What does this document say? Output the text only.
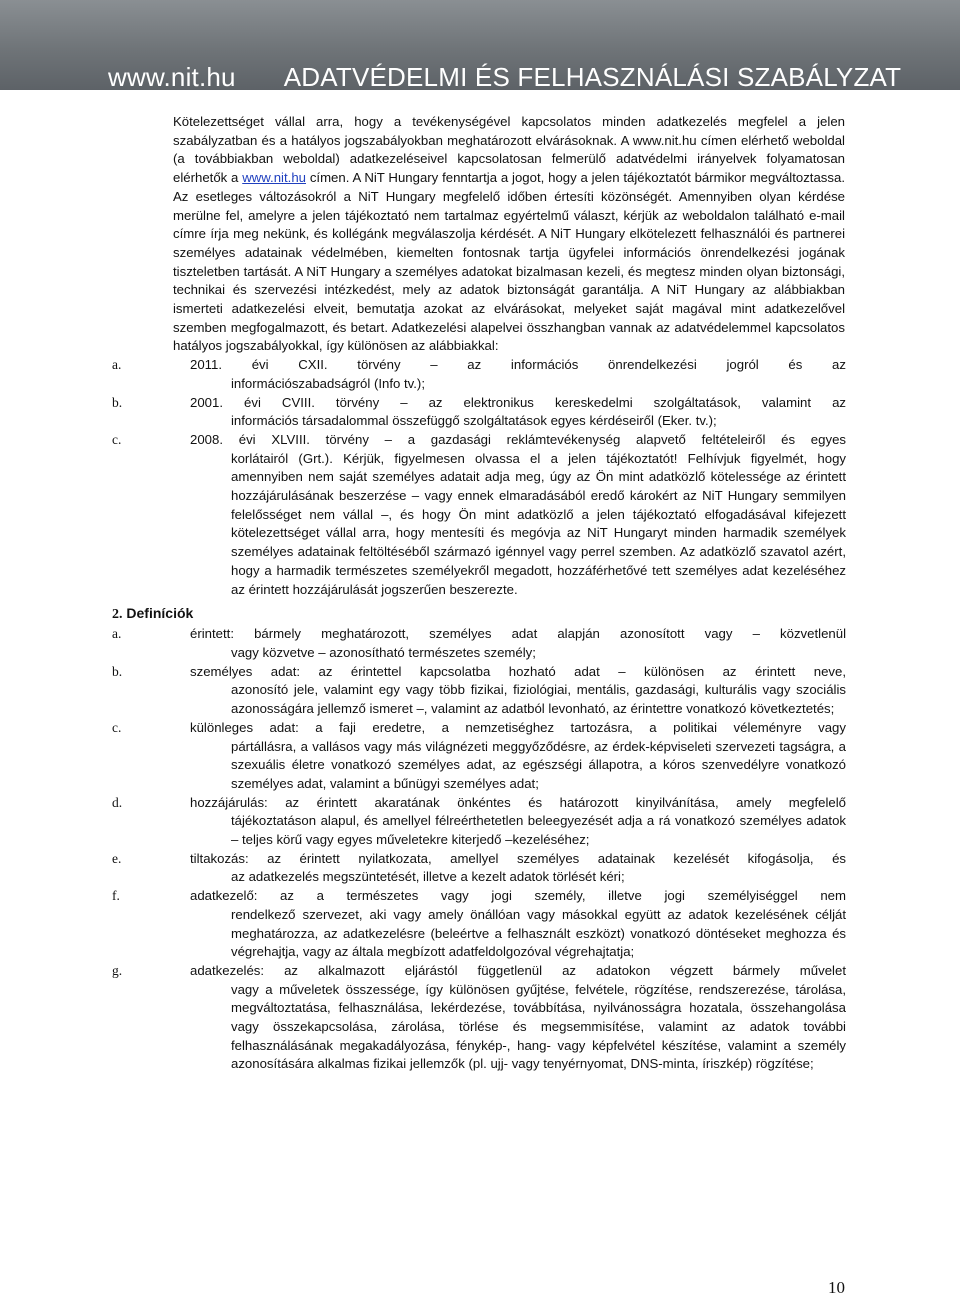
www.nit.hu ADATVÉDELMI ÉS FELHASZNÁLÁSI SZABÁLYZAT

Kötelezettséget vállal arra, hogy a tevékenységével kapcsolatos minden adatkezelés megfelel a jelen szabályzatban és a hatályos jogszabályokban meghatározott elvárásoknak. A www.nit.hu címen elérhető weboldal (a továbbiakban weboldal) adatkezeléseivel kapcsolatosan felmerülő adatvédelmi irányelvek folyamatosan elérhetők a www.nit.hu címen. A NiT Hungary fenntartja a jogot, hogy a jelen tájékoztatót bármikor megváltoztassa. Az esetleges változásokról a NiT Hungary megfelelő időben értesíti közönségét. Amennyiben olyan kérdése merülne fel, amelyre a jelen tájékoztató nem tartalmaz egyértelmű választ, kérjük az weboldalon található e-mail címre írja meg nekünk, és kollégánk megválaszolja kérdését. A NiT Hungary elkötelezett felhasználói és partnerei személyes adatainak védelmében, kiemelten fontosnak tartja ügyfelei információs önrendelkezési jogának tiszteletben tartását. A NiT Hungary a személyes adatokat bizalmasan kezeli, és megtesz minden olyan biztonsági, technikai és szervezési intézkedést, mely az adatok biztonságát garantálja. A NiT Hungary az alábbiakban ismerteti adatkezelési elveit, bemutatja azokat az elvárásokat, melyeket saját magával mint adatkezelővel szemben megfogalmazott, és betart. Adatkezelési alapelvei összhangban vannak az adatvédelemmel kapcsolatos hatályos jogszabályokkal, így különösen az alábbiakkal:

a.	2011. évi CXII. törvény – az információs önrendelkezési jogról és az
információszabadságról (Info tv.);
b.	2001. évi CVIII. törvény – az elektronikus kereskedelmi szolgáltatások, valamint az
információs társadalommal összefüggő szolgáltatások egyes kérdéseiről (Eker. tv.);
c.	2008. évi XLVIII. törvény – a gazdasági reklámtevékenység alapvető feltételeiről és egyes
korlátairól (Grt.). Kérjük, figyelmesen olvassa el a jelen tájékoztatót! Felhívjuk figyelmét, hogy amennyiben nem saját személyes adatait adja meg, úgy az Ön mint adatközlő kötelessége az érintett hozzájárulásának beszerzése – vagy ennek elmaradásából eredő károkért az NiT Hungary semmilyen felelősséget nem vállal –, és hogy Ön mint adatközlő a jelen tájékoztató elfogadásával kifejezett kötelezettséget vállal arra, hogy mentesíti és megóvja az NiT Hungaryt minden harmadik személyek személyes adatainak feltöltéséből származó igénnyel vagy perrel szemben. Az adatközlő szavatol azért, hogy a harmadik természetes személyekről megadott, hozzáférhetővé tett személyes adat kezeléséhez az érintett hozzájárulását jogszerűen beszerezte.
2. Definíciók
a.	érintett: bármely meghatározott, személyes adat alapján azonosított vagy – közvetlenül
vagy közvetve – azonosítható természetes személy;
b.	személyes adat: az érintettel kapcsolatba hozható adat – különösen az érintett neve,
azonosító jele, valamint egy vagy több fizikai, fiziológiai, mentális, gazdasági, kulturális vagy szociális azonosságára jellemző ismeret –, valamint az adatból levonható, az érintettre vonatkozó következtetés;
c.	különleges adat: a faji eredetre, a nemzetiséghez tartozásra, a politikai véleményre vagy
pártállásra, a vallásos vagy más világnézeti meggyőződésre, az érdek-képviseleti szervezeti tagságra, a szexuális életre vonatkozó személyes adat, az egészségi állapotra, a kóros szenvedélyre vonatkozó személyes adat, valamint a bűnügyi személyes adat;
d.	hozzájárulás: az érintett akaratának önkéntes és határozott kinyilvánítása, amely megfelelő
tájékoztatáson alapul, és amellyel félreérthetetlen beleegyezését adja a rá vonatkozó személyes adatok – teljes körű vagy egyes műveletekre kiterjedő –kezeléséhez;
e.	tiltakozás: az érintett nyilatkozata, amellyel személyes adatainak kezelését kifogásolja, és
az adatkezelés megszüntetését, illetve a kezelt adatok törlését kéri;
f.	adatkezelő: az a természetes vagy jogi személy, illetve jogi személyiséggel nem
rendelkező szervezet, aki vagy amely önállóan vagy másokkal együtt az adatok kezelésének célját meghatározza, az adatkezelésre (beleértve a felhasznált eszközt) vonatkozó döntéseket meghozza és végrehajtja, vagy az általa megbízott adatfeldolgozóval végrehajtatja;
g.	adatkezelés: az alkalmazott eljárástól függetlenül az adatokon végzett bármely művelet
vagy a műveletek összessége, így különösen gyűjtése, felvétele, rögzítése, rendszerezése, tárolása, megváltoztatása, felhasználása, lekérdezése, továbbítása, nyilvánosságra hozatala, összehangolása vagy összekapcsolása, zárolása, törlése és megsemmisítése, valamint az adatok további felhasználásának megakadályozása, fénykép-, hang- vagy képfelvétel készítése, valamint a személy azonosítására alkalmas fizikai jellemzők (pl. ujj- vagy tenyérnyomat, DNS-minta, íriszkép) rögzítése;
10
